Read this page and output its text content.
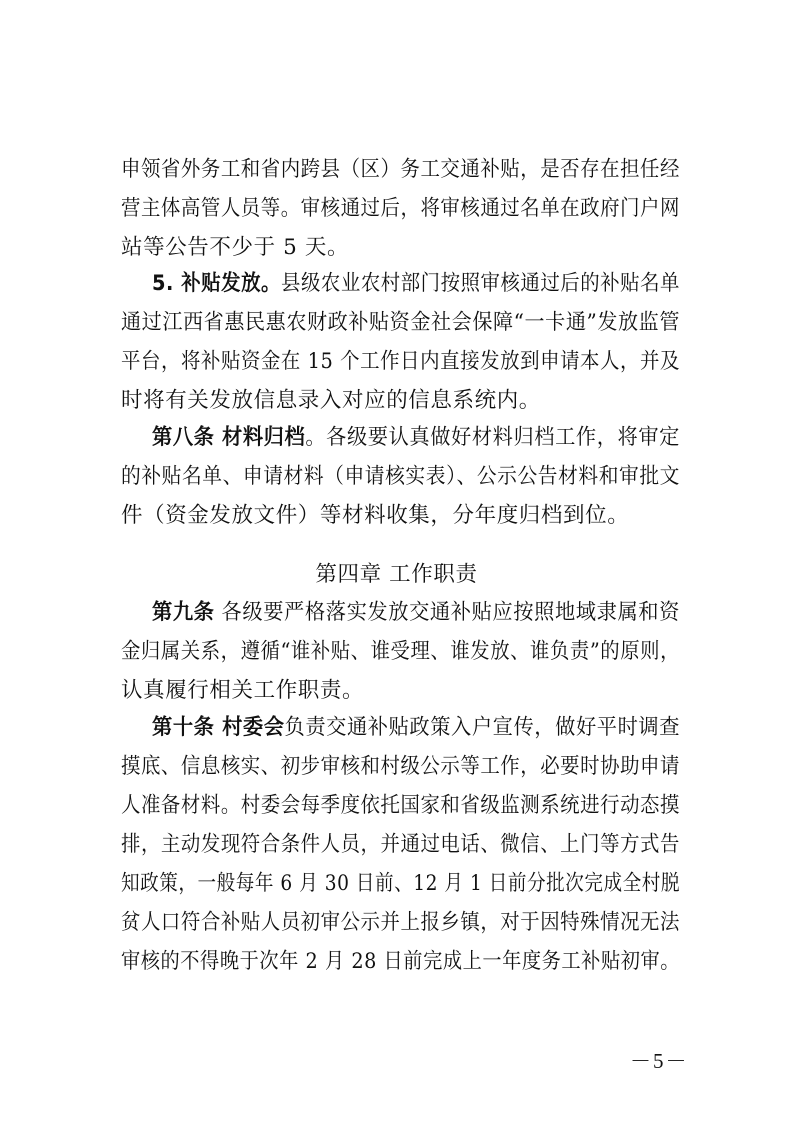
申领省外务工和省内跨县（区）务工交通补贴，是否存在担任经
营主体高管人员等。审核通过后，将审核通过名单在政府门户网
站等公告不少于 5 天。
5. 补贴发放。县级农业农村部门按照审核通过后的补贴名单
通过江西省惠民惠农财政补贴资金社会保障“一卡通”发放监管
平台，将补贴资金在 15 个工作日内直接发放到申请本人，并及
时将有关发放信息录入对应的信息系统内。
第八条 材料归档。各级要认真做好材料归档工作，将审定
的补贴名单、申请材料（申请核实表）、公示公告材料和审批文
件（资金发放文件）等材料收集，分年度归档到位。
第四章 工作职责
第九条 各级要严格落实发放交通补贴应按照地域隶属和资
金归属关系，遵循“谁补贴、谁受理、谁发放、谁负责”的原则，
认真履行相关工作职责。
第十条 村委会负责交通补贴政策入户宣传，做好平时调查
摸底、信息核实、初步审核和村级公示等工作，必要时协助申请
人准备材料。村委会每季度依托国家和省级监测系统进行动态摸
排，主动发现符合条件人员，并通过电话、微信、上门等方式告
知政策，一般每年 6 月 30 日前、12 月 1 日前分批次完成全村脱
贫人口符合补贴人员初审公示并上报乡镇，对于因特殊情况无法
审核的不得晚于次年 2 月 28 日前完成上一年度务工补贴初审。
－5－
